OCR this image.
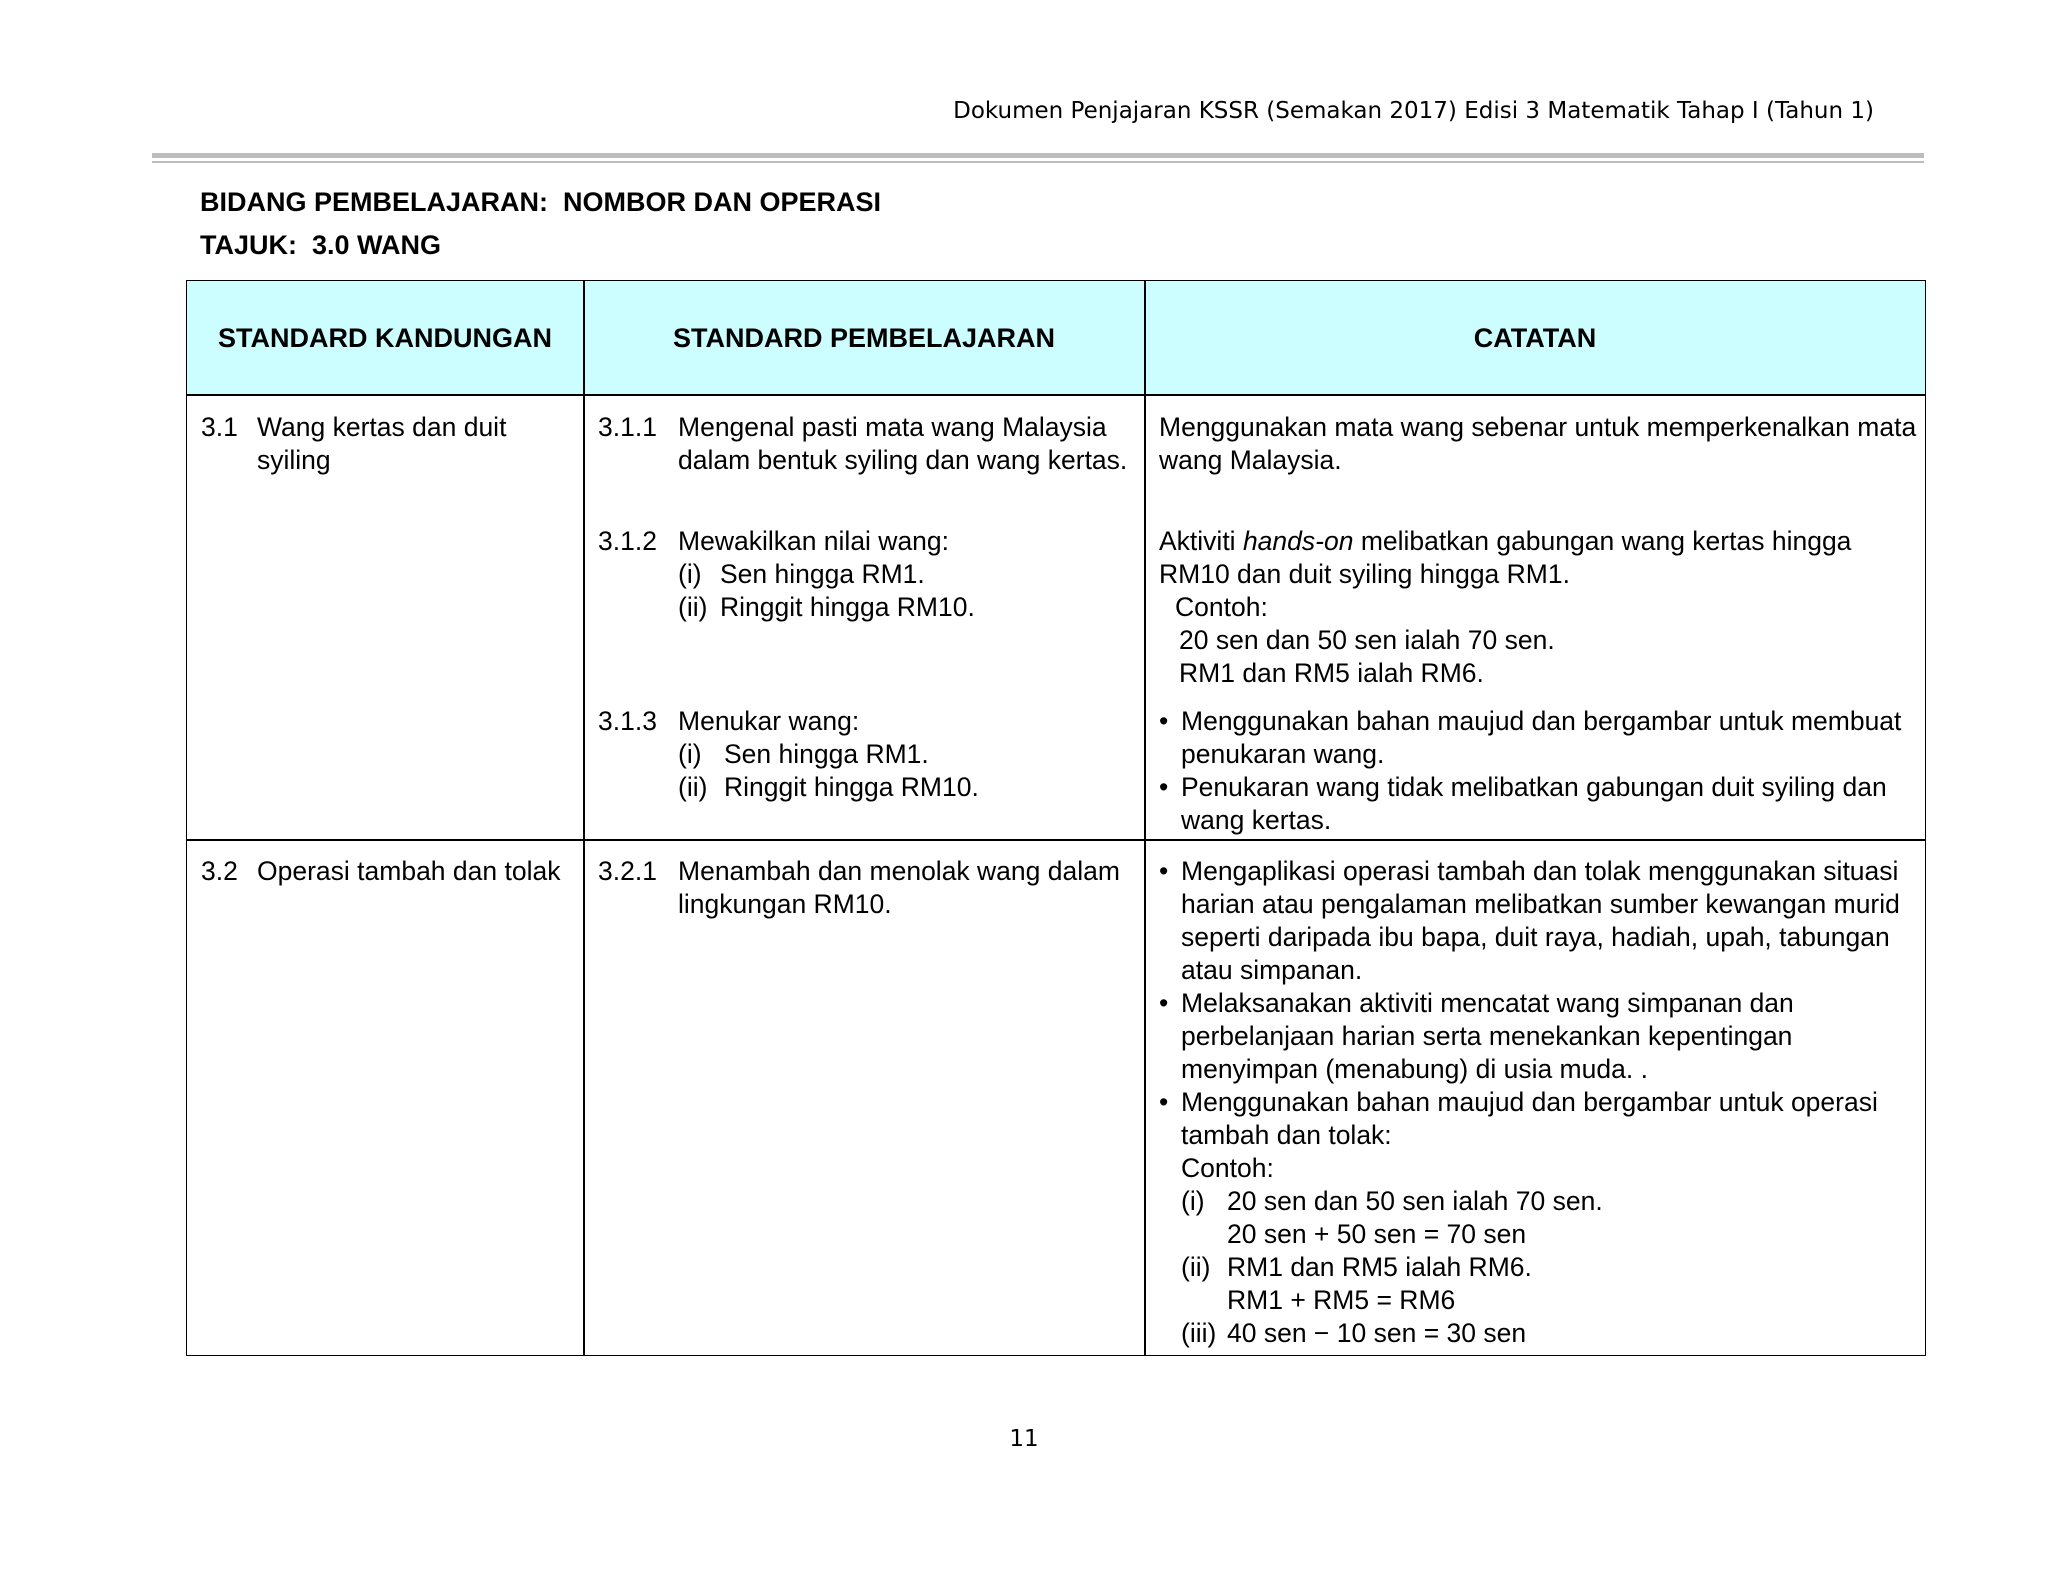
Dokumen Penjajaran KSSR (Semakan 2017) Edisi 3 Matematik Tahap I (Tahun 1)
BIDANG PEMBELAJARAN: NOMBOR DAN OPERASI
TAJUK: 3.0 WANG
STANDARD KANDUNGAN	STANDARD PEMBELAJARAN	CATATAN
3.1 Wang kertas dan duit syiling
3.2 Operasi tambah dan tolak
3.1.1 Mengenal pasti mata wang Malaysia dalam bentuk syiling dan wang kertas.
3.1.2 Mewakilkan nilai wang:
(i) Sen hingga RM1.
(ii) Ringgit hingga RM10.
3.1.3 Menukar wang:
(i) Sen hingga RM1.
(ii) Ringgit hingga RM10.
3.2.1 Menambah dan menolak wang dalam lingkungan RM10.
Menggunakan mata wang sebenar untuk memperkenalkan mata wang Malaysia.
Aktiviti hands-on melibatkan gabungan wang kertas hingga RM10 dan duit syiling hingga RM1.
Contoh:
20 sen dan 50 sen ialah 70 sen.
RM1 dan RM5 ialah RM6.
• Menggunakan bahan maujud dan bergambar untuk membuat penukaran wang.
• Penukaran wang tidak melibatkan gabungan duit syiling dan wang kertas.
• Mengaplikasi operasi tambah dan tolak menggunakan situasi harian atau pengalaman melibatkan sumber kewangan murid seperti daripada ibu bapa, duit raya, hadiah, upah, tabungan atau simpanan.
• Melaksanakan aktiviti mencatat wang simpanan dan perbelanjaan harian serta menekankan kepentingan menyimpan (menabung) di usia muda. .
• Menggunakan bahan maujud dan bergambar untuk operasi tambah dan tolak:
Contoh:
(i) 20 sen dan 50 sen ialah 70 sen.
20 sen + 50 sen = 70 sen
(ii) RM1 dan RM5 ialah RM6.
RM1 + RM5 = RM6
(iii) 40 sen − 10 sen = 30 sen
11
